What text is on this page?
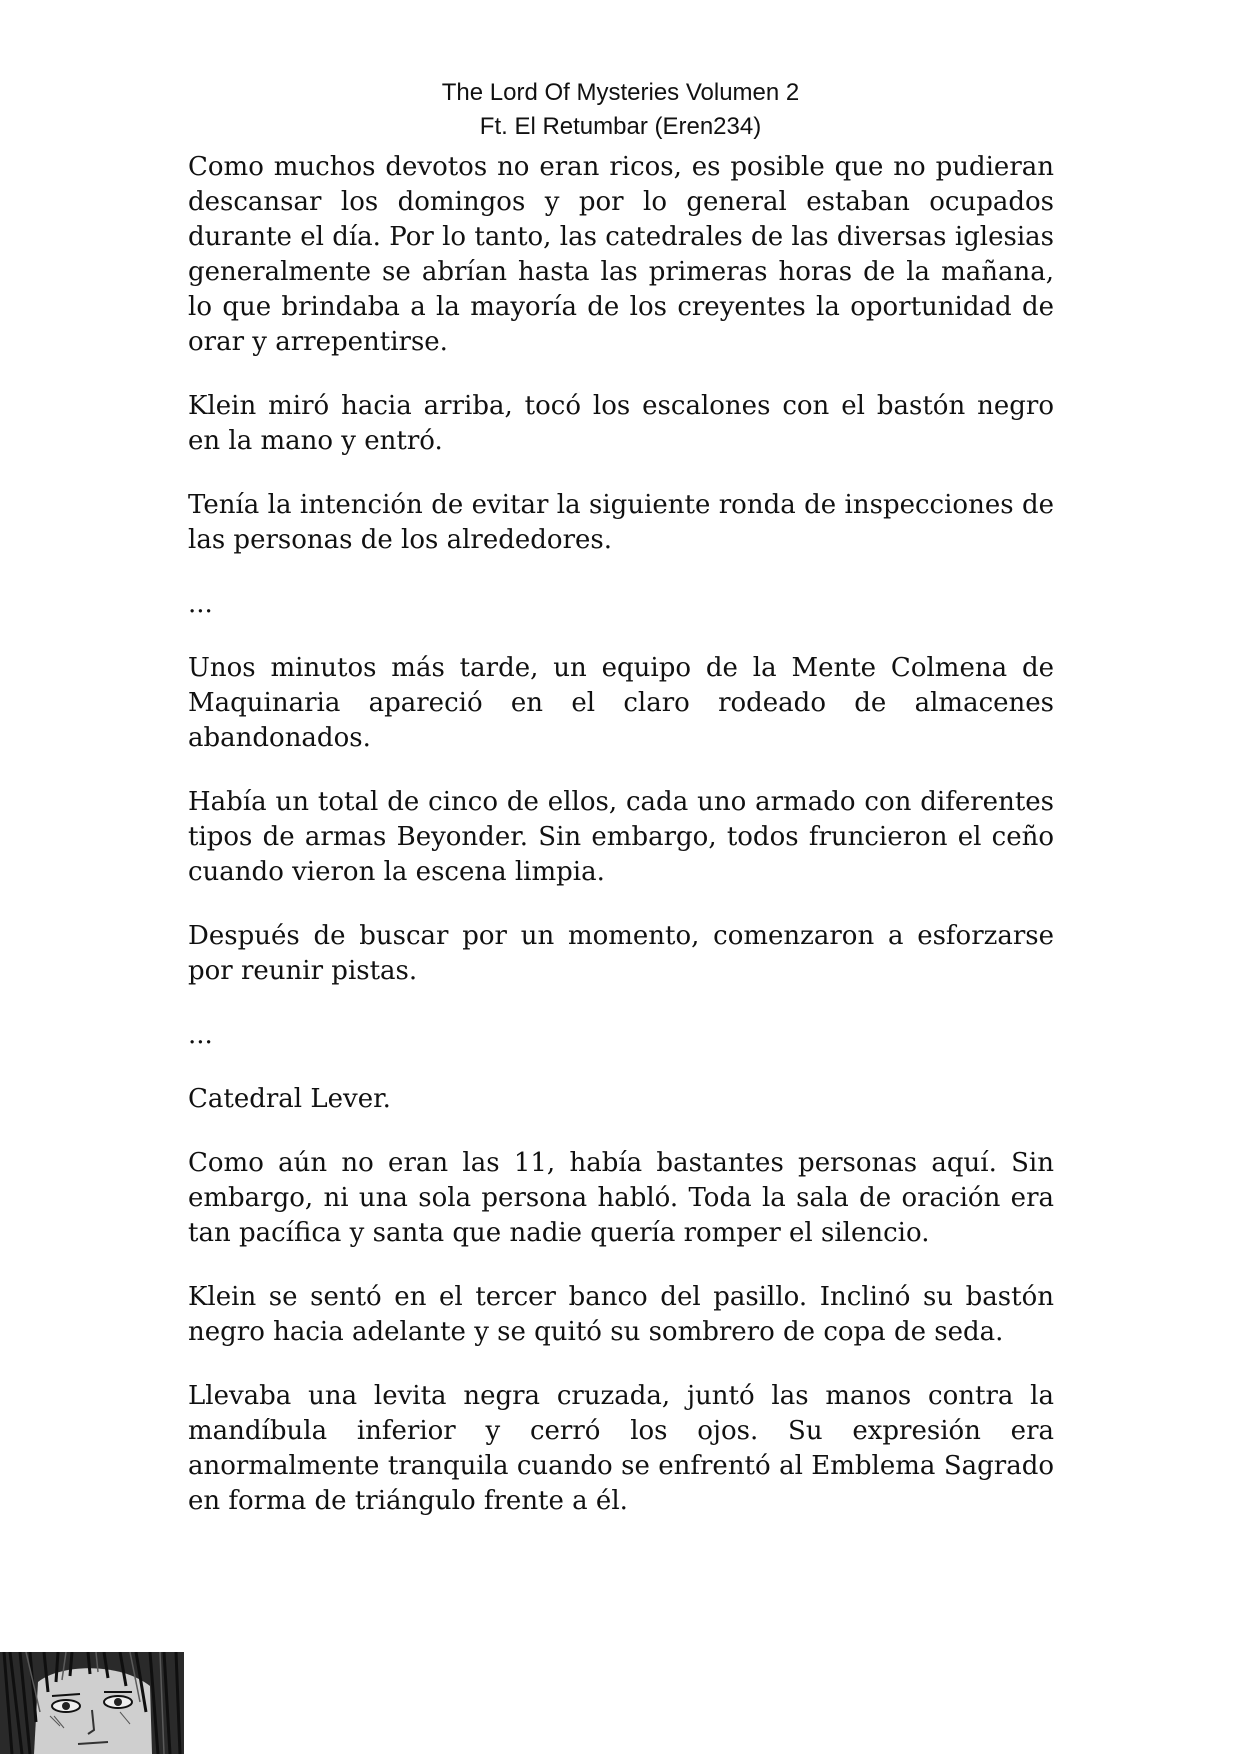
The Lord Of Mysteries Volumen 2
Ft. El Retumbar (Eren234)

Como muchos devotos no eran ricos, es posible que no pudieran descansar los domingos y por lo general estaban ocupados durante el día. Por lo tanto, las catedrales de las diversas iglesias generalmente se abrían hasta las primeras horas de la mañana, lo que brindaba a la mayoría de los creyentes la oportunidad de orar y arrepentirse.

Klein miró hacia arriba, tocó los escalones con el bastón negro en la mano y entró.

Tenía la intención de evitar la siguiente ronda de inspecciones de las personas de los alrededores.

...

Unos minutos más tarde, un equipo de la Mente Colmena de Maquinaria apareció en el claro rodeado de almacenes abandonados.

Había un total de cinco de ellos, cada uno armado con diferentes tipos de armas Beyonder. Sin embargo, todos fruncieron el ceño cuando vieron la escena limpia.

Después de buscar por un momento, comenzaron a esforzarse por reunir pistas.

...

Catedral Lever.

Como aún no eran las 11, había bastantes personas aquí. Sin embargo, ni una sola persona habló. Toda la sala de oración era tan pacífica y santa que nadie quería romper el silencio.

Klein se sentó en el tercer banco del pasillo. Inclinó su bastón negro hacia adelante y se quitó su sombrero de copa de seda.

Llevaba una levita negra cruzada, juntó las manos contra la mandíbula inferior y cerró los ojos. Su expresión era anormalmente tranquila cuando se enfrentó al Emblema Sagrado en forma de triángulo frente a él.
